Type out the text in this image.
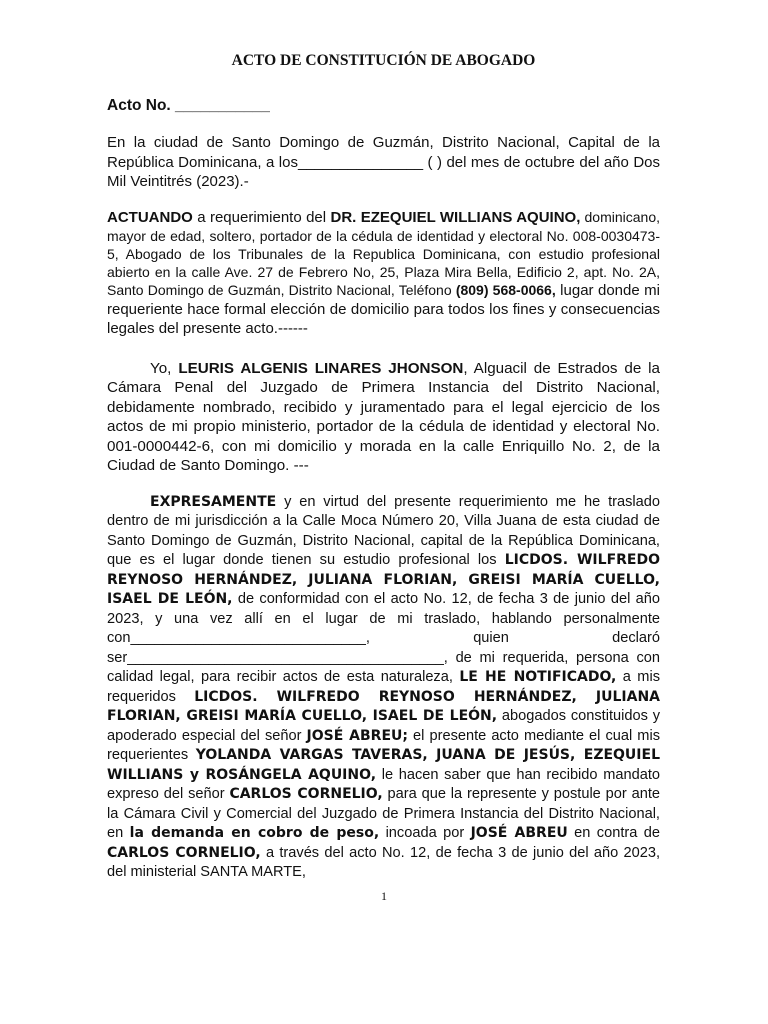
ACTO DE CONSTITUCIÓN DE ABOGADO

Acto No. ___________

En la ciudad de Santo Domingo de Guzmán, Distrito Nacional, Capital de la República Dominicana, a los_______________ ( ) del mes de octubre del año Dos Mil Veintitrés (2023).-

ACTUANDO a requerimiento del DR. EZEQUIEL WILLIANS AQUINO, dominicano, mayor de edad, soltero, portador de la cédula de identidad y electoral No. 008-0030473-5, Abogado de los Tribunales de la Republica Dominicana, con estudio profesional abierto en la calle Ave. 27 de Febrero No, 25, Plaza Mira Bella, Edificio 2, apt. No. 2A, Santo Domingo de Guzmán, Distrito Nacional, Teléfono (809) 568-0066, lugar donde mi requeriente hace formal elección de domicilio para todos los fines y consecuencias legales del presente acto.------

Yo, LEURIS ALGENIS LINARES JHONSON, Alguacil de Estrados de la Cámara Penal del Juzgado de Primera Instancia del Distrito Nacional, debidamente nombrado, recibido y juramentado para el legal ejercicio de los actos de mi propio ministerio, portador de la cédula de identidad y electoral No. 001-0000442-6, con mi domicilio y morada en la calle Enriquillo No. 2, de la Ciudad de Santo Domingo. ---

EXPRESAMENTE y en virtud del presente requerimiento me he traslado dentro de mi jurisdicción a la Calle Moca Número 20, Villa Juana de esta ciudad de Santo Domingo de Guzmán, Distrito Nacional, capital de la República Dominicana, que es el lugar donde tienen su estudio profesional los LICDOS. WILFREDO REYNOSO HERNÁNDEZ, JULIANA FLORIAN, GREISI MARÍA CUELLO, ISAEL DE LEÓN, de conformidad con el acto No. 12, de fecha 3 de junio del año 2023, y una vez allí en el lugar de mi traslado, hablando personalmente con_____________________________, quien declaró ser_______________________________________, de mi requerida, persona con calidad legal, para recibir actos de esta naturaleza, LE HE NOTIFICADO, a mis requeridos LICDOS. WILFREDO REYNOSO HERNÁNDEZ, JULIANA FLORIAN, GREISI MARÍA CUELLO, ISAEL DE LEÓN, abogados constituidos y apoderado especial del señor JOSÉ ABREU; el presente acto mediante el cual mis requerientes YOLANDA VARGAS TAVERAS, JUANA DE JESÚS, EZEQUIEL WILLIANS y ROSÁNGELA AQUINO, le hacen saber que han recibido mandato expreso del señor CARLOS CORNELIO, para que la represente y postule por ante la Cámara Civil y Comercial del Juzgado de Primera Instancia del Distrito Nacional, en la demanda en cobro de peso, incoada por JOSÉ ABREU en contra de CARLOS CORNELIO, a través del acto No. 12, de fecha 3 de junio del año 2023, del ministerial SANTA MARTE,

1
